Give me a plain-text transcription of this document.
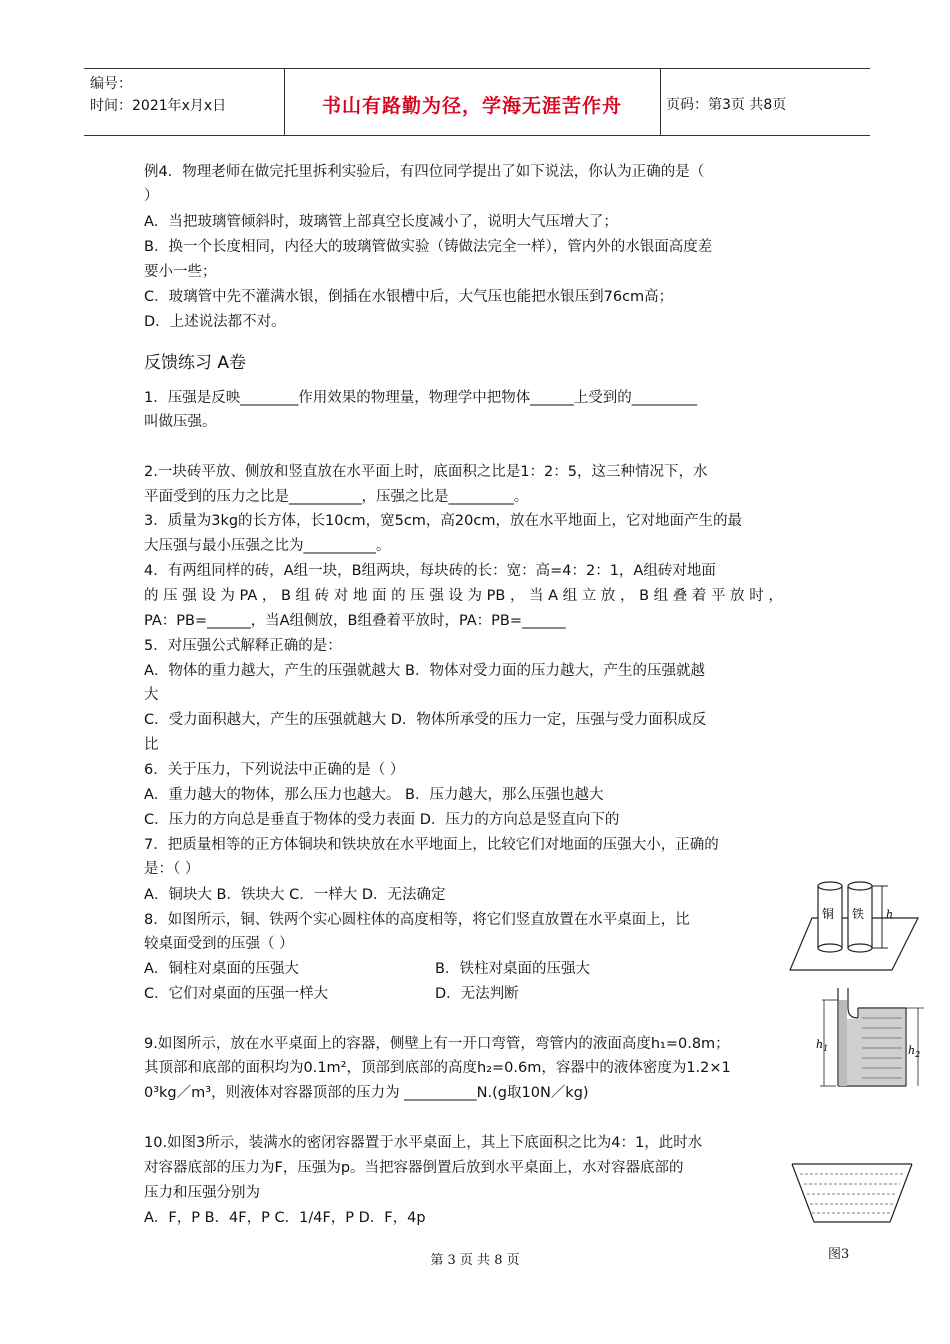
编号：
时间：2021年x月x日	书山有路勤为径，学海无涯苦作舟	页码：第3页 共8页
例4．物理老师在做完托里拆利实验后，有四位同学提出了如下说法，你认为正确的是（
）
A．当把玻璃管倾斜时，玻璃管上部真空长度减小了，说明大气压增大了；
B．换一个长度相同，内径大的玻璃管做实验（铸做法完全一样），管内外的水银面高度差
要小一些；
C．玻璃管中先不灌满水银，倒插在水银槽中后，大气压也能把水银压到76cm高；
D．上述说法都不对。
反馈练习 A卷
1．压强是反映________作用效果的物理量，物理学中把物体______上受到的_________
叫做压强。
2.一块砖平放、侧放和竖直放在水平面上时，底面积之比是1：2：5，这三种情况下，水
平面受到的压力之比是__________，压强之比是_________。
3．质量为3kg的长方体，长10cm，宽5cm，高20cm，放在水平地面上，它对地面产生的最
大压强与最小压强之比为__________。
4．有两组同样的砖，A组一块，B组两块，每块砖的长：宽：高=4：2：1，A组砖对地面
的 压 强 设 为 PA ， B 组 砖 对 地 面 的 压 强 设 为 PB ， 当 A 组 立 放 ， B 组 叠 着 平 放 时 ，
PA：PB=______，当A组侧放，B组叠着平放时，PA：PB=______
5．对压强公式解释正确的是：
A．物体的重力越大，产生的压强就越大 B．物体对受力面的压力越大，产生的压强就越
大
C．受力面积越大，产生的压强就越大 D．物体所承受的压力一定，压强与受力面积成反
比
6．关于压力，下列说法中正确的是（ ）
A．重力越大的物体，那么压力也越大。 B．压力越大，那么压强也越大
C．压力的方向总是垂直于物体的受力表面 D．压力的方向总是竖直向下的
7．把质量相等的正方体铜块和铁块放在水平地面上，比较它们对地面的压强大小，正确的
是：（ ）
A．铜块大 B．铁块大 C．一样大 D．无法确定
8．如图所示，铜、铁两个实心圆柱体的高度相等，将它们竖直放置在水平桌面上，比
较桌面受到的压强（ ）
A．铜柱对桌面的压强大	B．铁柱对桌面的压强大
C．它们对桌面的压强一样大	D．无法判断
9.如图所示，放在水平桌面上的容器，侧壁上有一开口弯管，弯管内的液面高度h₁=0.8m；
其顶部和底部的面积均为0.1m²，顶部到底部的高度h₂=0.6m，容器中的液体密度为1.2×1
0³kg／m³，则液体对容器顶部的压力为 __________N.(g取10N／kg)
10.如图3所示，装满水的密闭容器置于水平桌面上，其上下底面积之比为4：1，此时水
对容器底部的压力为F，压强为p。当把容器倒置后放到水平桌面上，水对容器底部的
压力和压强分别为
A．F，P B．4F，P C．1/4F，P D．F，4p
铜 铁 h
$h_1$	$h_2$
图3
第 3 页 共 8 页
